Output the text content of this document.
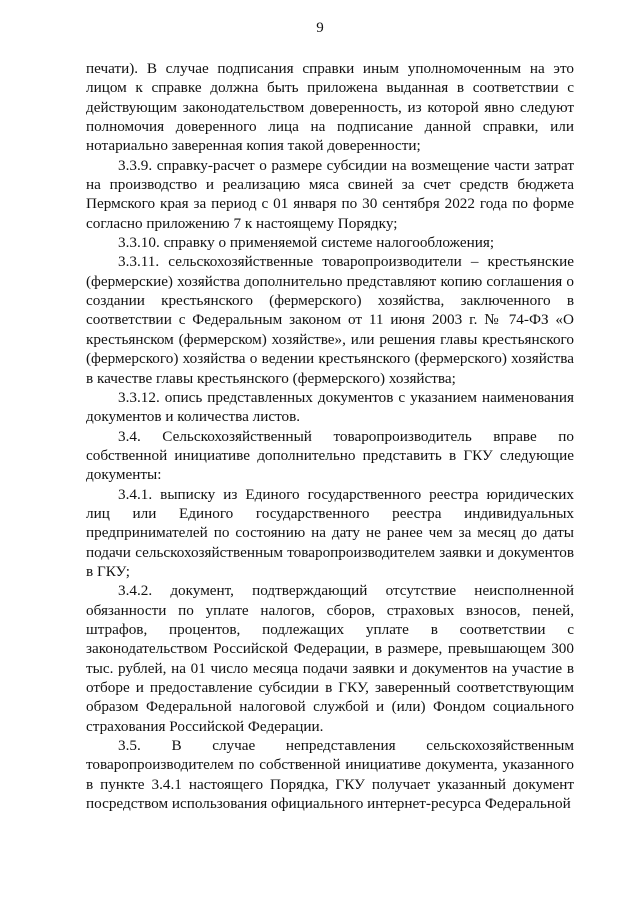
9

печати). В случае подписания справки иным уполномоченным на это лицом к справке должна быть приложена выданная в соответствии с действующим законодательством доверенность, из которой явно следуют полномочия доверенного лица на подписание данной справки, или нотариально заверенная копия такой доверенности;

3.3.9. справку-расчет о размере субсидии на возмещение части затрат на производство и реализацию мяса свиней за счет средств бюджета Пермского края за период с 01 января по 30 сентября 2022 года по форме согласно приложению 7 к настоящему Порядку;

3.3.10. справку о применяемой системе налогообложения;

3.3.11. сельскохозяйственные товаропроизводители – крестьянские (фермерские) хозяйства дополнительно представляют копию соглашения о создании крестьянского (фермерского) хозяйства, заключенного в соответствии с Федеральным законом от 11 июня 2003 г. № 74-ФЗ «О крестьянском (фермерском) хозяйстве», или решения главы крестьянского (фермерского) хозяйства о ведении крестьянского (фермерского) хозяйства в качестве главы крестьянского (фермерского) хозяйства;

3.3.12. опись представленных документов с указанием наименования документов и количества листов.

3.4. Сельскохозяйственный товаропроизводитель вправе по собственной инициативе дополнительно представить в ГКУ следующие документы:

3.4.1. выписку из Единого государственного реестра юридических лиц или Единого государственного реестра индивидуальных предпринимателей по состоянию на дату не ранее чем за месяц до даты подачи сельскохозяйственным товаропроизводителем заявки и документов в ГКУ;

3.4.2. документ, подтверждающий отсутствие неисполненной обязанности по уплате налогов, сборов, страховых взносов, пеней, штрафов, процентов, подлежащих уплате в соответствии с законодательством Российской Федерации, в размере, превышающем 300 тыс. рублей, на 01 число месяца подачи заявки и документов на участие в отборе и предоставление субсидии в ГКУ, заверенный соответствующим образом Федеральной налоговой службой и (или) Фондом социального страхования Российской Федерации.

3.5. В случае непредставления сельскохозяйственным товаропроизводителем по собственной инициативе документа, указанного в пункте 3.4.1 настоящего Порядка, ГКУ получает указанный документ посредством использования официального интернет-ресурса Федеральной
